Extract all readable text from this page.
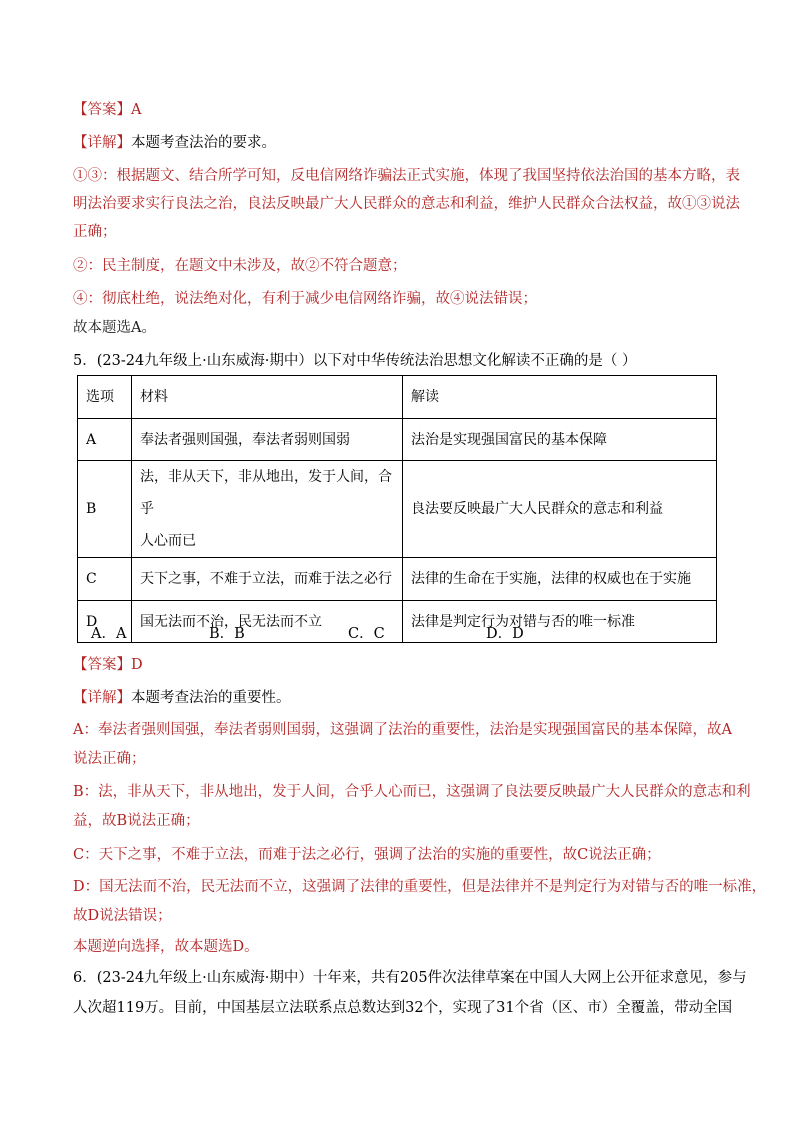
【答案】A
【详解】本题考查法治的要求。
①③：根据题文、结合所学可知，反电信网络诈骗法正式实施，体现了我国坚持依法治国的基本方略，表
明法治要求实行良法之治，良法反映最广大人民群众的意志和利益，维护人民群众合法权益，故①③说法
正确；
②：民主制度，在题文中未涉及，故②不符合题意；
④：彻底杜绝，说法绝对化，有利于减少电信网络诈骗，故④说法错误；
故本题选A。
5．(23-24九年级上·山东威海·期中）以下对中华传统法治思想文化解读不正确的是（ ）
选项	材料	解读
A	奉法者强则国强，奉法者弱则国弱	法治是实现强国富民的基本保障
B	法，非从天下，非从地出，发于人间，合乎
人心而已	良法要反映最广大人民群众的意志和利益
C	天下之事，不难于立法，而难于法之必行	法律的生命在于实施，法律的权威也在于实施
D	国无法而不治，民无法而不立	法律是判定行为对错与否的唯一标准
A．A	B．B	C．C	D．D
【答案】D
【详解】本题考查法治的重要性。
A：奉法者强则国强，奉法者弱则国弱，这强调了法治的重要性，法治是实现强国富民的基本保障，故A
说法正确；
B：法，非从天下，非从地出，发于人间，合乎人心而已，这强调了良法要反映最广大人民群众的意志和利
益，故B说法正确；
C：天下之事，不难于立法，而难于法之必行，强调了法治的实施的重要性，故C说法正确；
D：国无法而不治，民无法而不立，这强调了法律的重要性，但是法律并不是判定行为对错与否的唯一标准，
故D说法错误；
本题逆向选择，故本题选D。
6．(23-24九年级上·山东威海·期中）十年来，共有205件次法律草案在中国人大网上公开征求意见，参与
人次超119万。目前，中国基层立法联系点总数达到32个，实现了31个省（区、市）全覆盖，带动全国
